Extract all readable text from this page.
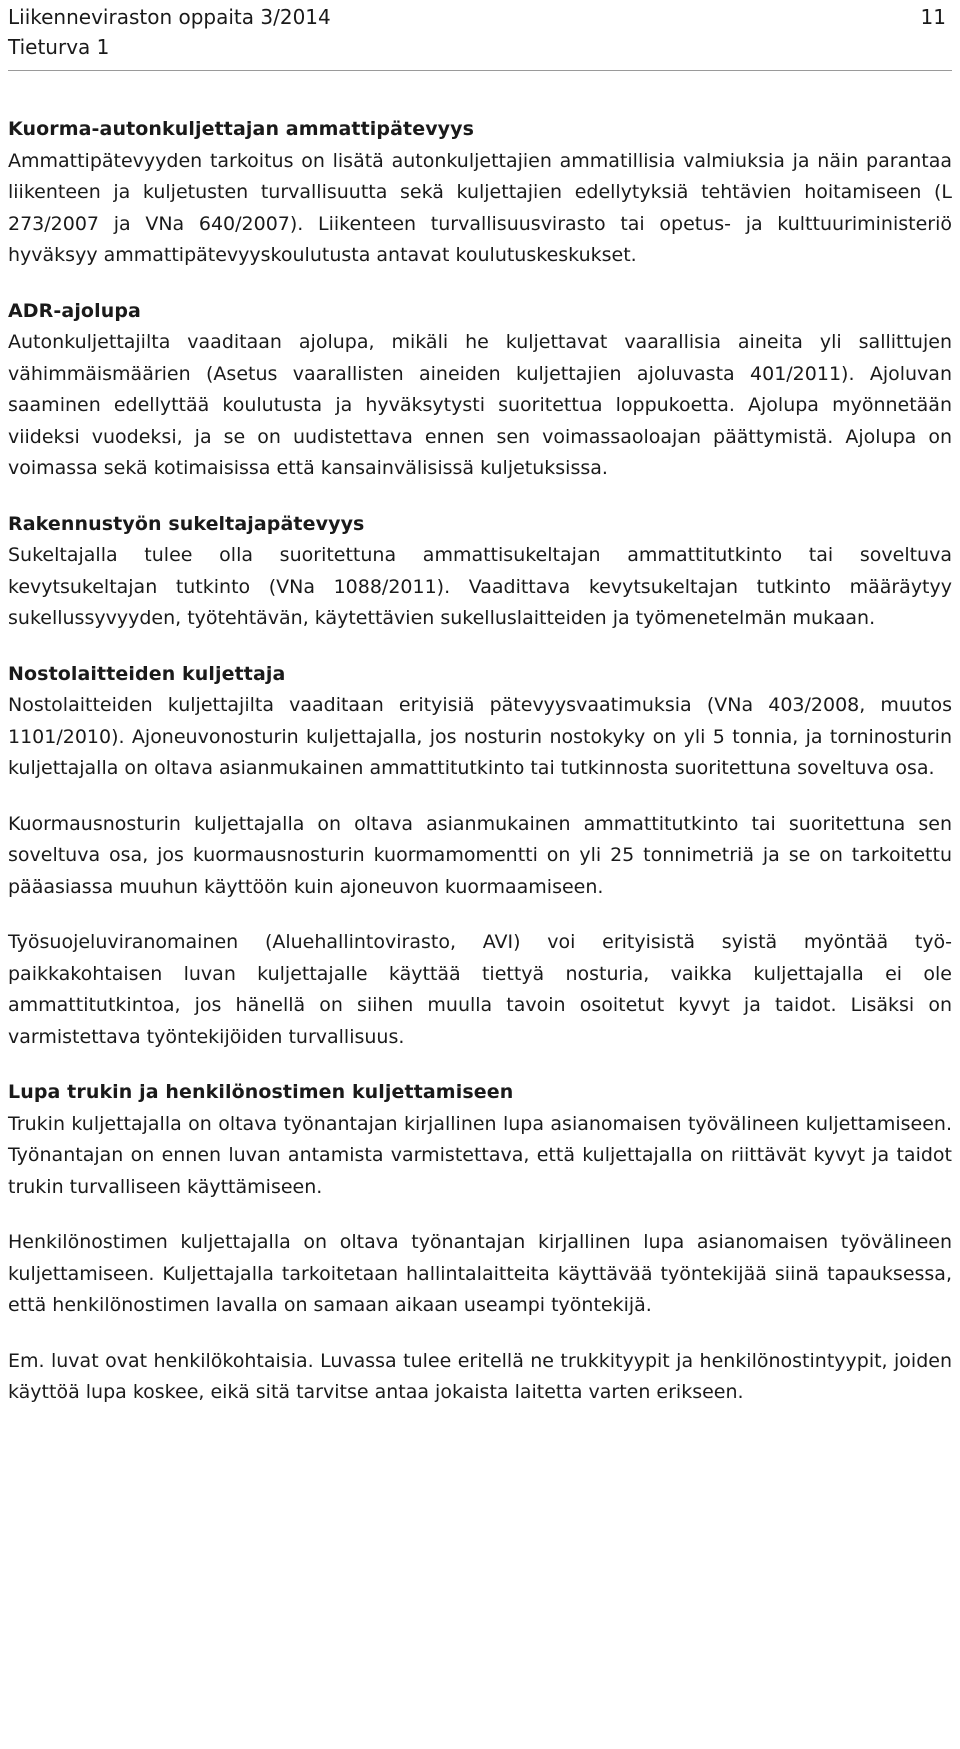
Liikenneviraston oppaita 3/2014
Tieturva 1
11
Kuorma-autonkuljettajan ammattipätevyys

Ammattipätevyyden tarkoitus on lisätä autonkuljettajien ammatillisia valmiuksia ja näin parantaa liikenteen ja kuljetusten turvallisuutta sekä kuljettajien edellytyksiä tehtävien hoitamiseen (L 273/2007 ja VNa 640/2007). Liikenteen turvallisuusvirasto tai opetus- ja kulttuuriministeriö hyväksyy ammattipätevyyskoulutusta antavat koulutuskeskukset.

ADR-ajolupa

Autonkuljettajilta vaaditaan ajolupa, mikäli he kuljettavat vaarallisia aineita yli sallittujen vähimmäismäärien (Asetus vaarallisten aineiden kuljettajien ajoluvasta 401/2011). Ajoluvan saaminen edellyttää koulutusta ja hyväksytysti suoritettua loppukoetta. Ajolupa myönnetään viideksi vuodeksi, ja se on uudistettava ennen sen voimassaoloajan päättymistä. Ajolupa on voimassa sekä kotimaisissa että kansainvälisissä kuljetuksissa.

Rakennustyön sukeltajapätevyys

Sukeltajalla tulee olla suoritettuna ammattisukeltajan ammattitutkinto tai soveltuva kevytsukeltajan tutkinto (VNa 1088/2011). Vaadittava kevytsukeltajan tutkinto määräytyy sukellussyvyyden, työtehtävän, käytettävien sukelluslaitteiden ja työmenetelmän mukaan.

Nostolaitteiden kuljettaja

Nostolaitteiden kuljettajilta vaaditaan erityisiä pätevyysvaatimuksia (VNa 403/2008, muutos 1101/2010). Ajoneuvonosturin kuljettajalla, jos nosturin nostokyky on yli 5 tonnia, ja torninosturin kuljettajalla on oltava asianmukainen ammattitutkinto tai tutkinnosta suoritettuna soveltuva osa.

Kuormausnosturin kuljettajalla on oltava asianmukainen ammattitutkinto tai suoritettuna sen soveltuva osa, jos kuormausnosturin kuormamomentti on yli 25 tonnimetriä ja se on tarkoitettu pääasiassa muuhun käyttöön kuin ajoneuvon kuormaamiseen.

Työsuojeluviranomainen (Aluehallintovirasto, AVI) voi erityisistä syistä myöntää työpaikkakohtaisen luvan kuljettajalle käyttää tiettyä nosturia, vaikka kuljettajalla ei ole ammattitutkintoa, jos hänellä on siihen muulla tavoin osoitetut kyvyt ja taidot. Lisäksi on varmistettava työntekijöiden turvallisuus.

Lupa trukin ja henkilönostimen kuljettamiseen

Trukin kuljettajalla on oltava työnantajan kirjallinen lupa asianomaisen työvälineen kuljettamiseen. Työnantajan on ennen luvan antamista varmistettava, että kuljettajalla on riittävät kyvyt ja taidot trukin turvalliseen käyttämiseen.

Henkilönostimen kuljettajalla on oltava työnantajan kirjallinen lupa asianomaisen työvälineen kuljettamiseen. Kuljettajalla tarkoitetaan hallintalaitteita käyttävää työntekijää siinä tapauksessa, että henkilönostimen lavalla on samaan aikaan useampi työntekijä.

Em. luvat ovat henkilökohtaisia. Luvassa tulee eritellä ne trukkityypit ja henkilönostintyypit, joiden käyttöä lupa koskee, eikä sitä tarvitse antaa jokaista laitetta varten erikseen.
